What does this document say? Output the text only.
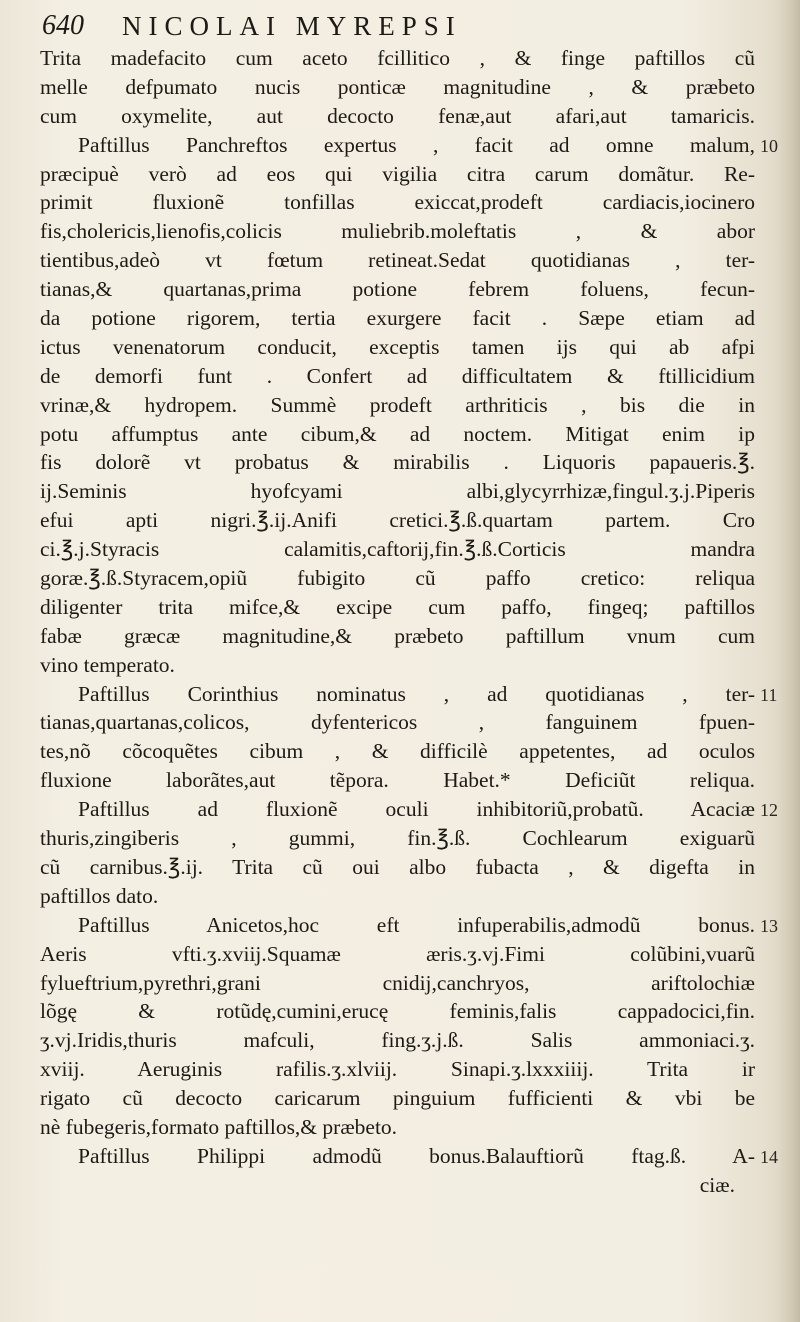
640 NICOLAI MYREPSI
Trita madefacito cum aceto fcillitico , & finge paftillos cũ
melle defpumato nucis ponticæ magnitudine , & præbeto
cum oxymelite, aut decocto fenæ,aut afari,aut tamaricis.
Paftillus Panchreftos expertus , facit ad omne malum,
præcipuè verò ad eos qui vigilia citra carum domãtur. Re-
primit fluxionẽ tonfillas exiccat,prodeft cardiacis,iocinero
fis,cholericis,lienofis,colicis muliebrib.moleftatis , & abor
tientibus,adeò vt fœtum retineat.Sedat quotidianas , ter-
tianas,& quartanas,prima potione febrem foluens, fecun-
da potione rigorem, tertia exurgere facit . Sæpe etiam ad
ictus venenatorum conducit, exceptis tamen ijs qui ab afpi
de demorfi funt . Confert ad difficultatem & ftillicidium
vrinæ,& hydropem. Summè prodeft arthriticis , bis die in
potu affumptus ante cibum,& ad noctem. Mitigat enim ip
fis dolorẽ vt probatus & mirabilis . Liquoris papaueris.℥.
ij.Seminis hyofcyami albi,glycyrrhizæ,fingul.ʒ.j.Piperis
efui apti nigri.℥.ij.Anifi cretici.℥.ß.quartam partem. Cro
ci.℥.j.Styracis calamitis,caftorij,fin.℥.ß.Corticis mandra
goræ.℥.ß.Styracem,opiũ fubigito cũ paffo cretico: reliqua
diligenter trita mifce,& excipe cum paffo, fingeq; paftillos
fabæ græcæ magnitudine,& præbeto paftillum vnum cum
vino temperato.
Paftillus Corinthius nominatus , ad quotidianas , ter-
tianas,quartanas,colicos, dyfentericos , fanguinem fpuen-
tes,nõ cõcoquẽtes cibum , & difficilè appetentes, ad oculos
fluxione laborãtes,aut tẽpora. Habet.* Deficiũt reliqua.
Paftillus ad fluxionẽ oculi inhibitoriũ,probatũ. Acaciæ
thuris,zingiberis , gummi, fin.℥.ß. Cochlearum exiguarũ
cũ carnibus.℥.ij. Trita cũ oui albo fubacta , & digefta in
paftillos dato.
Paftillus Anicetos,hoc eft infuperabilis,admodũ bonus.
Aeris vfti.ʒ.xviij.Squamæ æris.ʒ.vj.Fimi colũbini,vuarũ
fylueftrium,pyrethri,grani cnidij,canchryos, ariftolochiæ
lõgę & rotũdę,cumini,erucę feminis,falis cappadocici,fin.
ʒ.vj.Iridis,thuris mafculi, fing.ʒ.j.ß. Salis ammoniaci.ʒ.
xviij. Aeruginis rafilis.ʒ.xlviij. Sinapi.ʒ.lxxxiiij. Trita ir
rigato cũ decocto caricarum pinguium fufficienti & vbi be
nè fubegeris,formato paftillos,& præbeto.
Paftillus Philippi admodũ bonus.Balauftiorũ ftag.ß. A-
ciæ.
10
11
12
13
14
